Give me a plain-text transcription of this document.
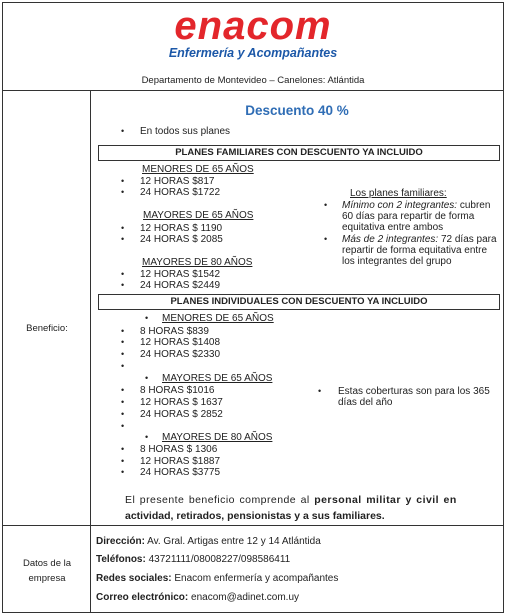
enacom
Enfermería y Acompañantes
Departamento de Montevideo – Canelones: Atlántida
Beneficio:
Descuento 40 %
• En todos sus planes
PLANES FAMILIARES CON DESCUENTO YA INCLUIDO
MENORES DE 65 AÑOS
• 12 HORAS $817
• 24 HORAS $1722
MAYORES DE 65 AÑOS
• 12 HORAS $ 1190
• 24 HORAS $ 2085
MAYORES DE 80 AÑOS
• 12 HORAS $1542
• 24 HORAS $2449
Los planes familiares:
• Mínimo con 2 integrantes: cubren
60 días para repartir de forma
equitativa entre ambos
• Más de 2 integrantes: 72 días para
repartir de forma equitativa entre
los integrantes del grupo
PLANES INDIVIDUALES CON DESCUENTO YA INCLUIDO
• MENORES DE 65 AÑOS
• 8 HORAS $839
• 12 HORAS $1408
• 24 HORAS $2330
•
• MAYORES DE 65 AÑOS
• 8 HORAS $1016
• 12 HORAS $ 1637
• 24 HORAS $ 2852
•
• MAYORES DE 80 AÑOS
• 8 HORAS $ 1306
• 12 HORAS $1887
• 24 HORAS $3775
• Estas coberturas son para los 365
días del año
El presente beneficio comprende al personal militar y civil en
actividad, retirados, pensionistas y a sus familiares.
Datos de la
empresa
Dirección: Av. Gral. Artigas entre 12 y 14 Atlántida
Teléfonos: 43721111/08008227/098586411
Redes sociales: Enacom enfermería y acompañantes
Correo electrónico: enacom@adinet.com.uy
